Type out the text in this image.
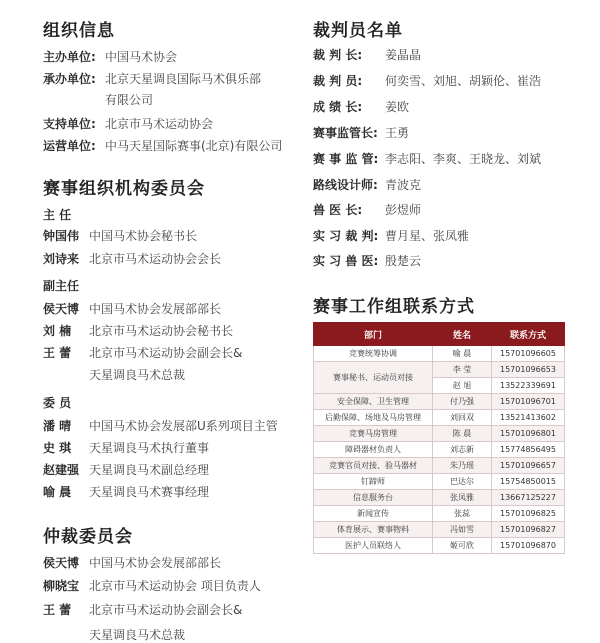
组织信息
主办单位: 中国马术协会
承办单位: 北京天星调良国际马术俱乐部
有限公司
支持单位: 北京市马术运动协会
运营单位: 中马天星国际赛事(北京)有限公司
赛事组织机构委员会
主 任
钟国伟 中国马术协会秘书长
刘诗来 北京市马术运动协会会长
副主任
侯天博 中国马术协会发展部部长
刘 楠 北京市马术运动协会秘书长
王 蕾 北京市马术运动协会副会长&
天星调良马术总裁
委 员
潘 晴 中国马术协会发展部U系列项目主管
史 琪 天星调良马术执行董事
赵建强 天星调良马术副总经理
喻 晨 天星调良马术赛事经理
仲裁委员会
侯天博 中国马术协会发展部部长
柳晓宝 北京市马术运动协会 项目负责人
王 蕾 北京市马术运动协会副会长&
天星调良马术总裁
裁判员名单
裁 判 长: 姜晶晶
裁 判 员: 何奕雪、刘旭、胡颖伦、崔浩
成 绩 长: 姜欧
赛事监管长: 王勇
赛 事 监 管: 李志阳、李爽、王晓龙、刘斌
路线设计师: 青波克
兽 医 长: 彭煜师
实 习 裁 判: 曹月星、张凤雅
实 习 兽 医: 殷楚云
赛事工作组联系方式
部门	姓名	联系方式
竞赛统筹协调	喻 晨	15701096605
赛事秘书、运动员对接	李 莹	15701096653
	赵 旭	13522339691
安全保障、卫生管理	付乃强	15701096701
后勤保障、场地及马房管理	刘回双	13521413602
竞赛马房管理	陈 晨	15701096801
障碍器材负责人	刘志新	15774856495
竞赛官员对接、验马器材	朱乃瑶	15701096657
钉蹄师	巴达尔	15754850015
信息服务台	张凤雅	13667125227
新闻宣传	张蕊	15701096825
体育展示、赛事物料	冯如雪	15701096827
医护人员联络人	姬可欣	15701096870
